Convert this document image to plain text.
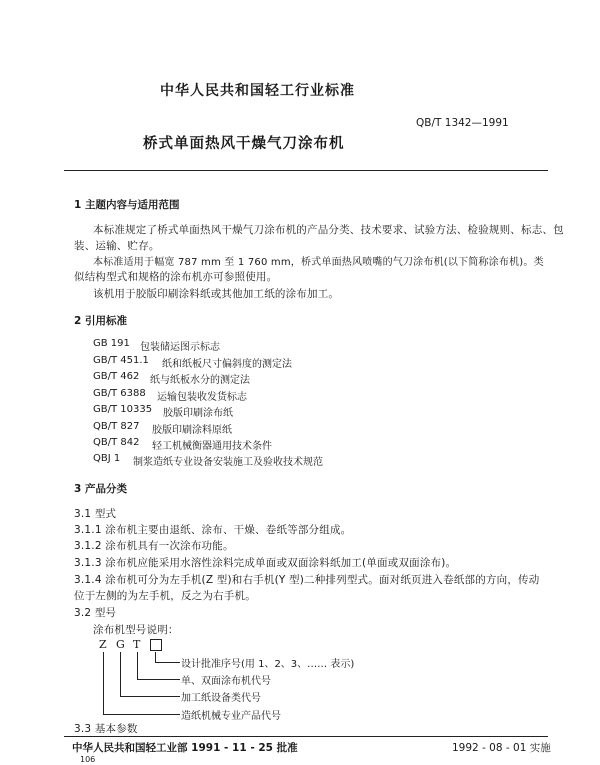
中华人民共和国轻工行业标准
QB/T 1342—1991
桥式单面热风干燥气刀涂布机
1 主题内容与适用范围
本标准规定了桥式单面热风干燥气刀涂布机的产品分类、技术要求、试验方法、检验规则、标志、包
装、运输、贮存。
本标准适用于幅宽 787 mm 至 1 760 mm，桥式单面热风喷嘴的气刀涂布机(以下简称涂布机)。类
似结构型式和规格的涂布机亦可参照使用。
该机用于胶版印刷涂料纸或其他加工纸的涂布加工。
2 引用标准
GB 191 包装储运图示标志
GB/T 451.1 纸和纸板尺寸偏斜度的测定法
GB/T 462 纸与纸板水分的测定法
GB/T 6388 运输包装收发货标志
GB/T 10335 胶版印刷涂布纸
QB/T 827 胶版印刷涂料原纸
QB/T 842 轻工机械衡器通用技术条件
QBJ 1 制浆造纸专业设备安装施工及验收技术规范
3 产品分类
3.1 型式
3.1.1 涂布机主要由退纸、涂布、干燥、卷纸等部分组成。
3.1.2 涂布机具有一次涂布功能。
3.1.3 涂布机应能采用水溶性涂料完成单面或双面涂料纸加工(单面或双面涂布)。
3.1.4 涂布机可分为左手机(Z 型)和右手机(Y 型)二种排列型式。面对纸页进入卷纸部的方向，传动
位于左侧的为左手机，反之为右手机。
3.2 型号
涂布机型号说明：
Z G T
设计批准序号(用 1、2、3、…… 表示)
单、双面涂布机代号
加工纸设备类代号
造纸机械专业产品代号
3.3 基本参数
中华人民共和国轻工业部 1991 - 11 - 25 批准	1992 - 08 - 01 实施
106
